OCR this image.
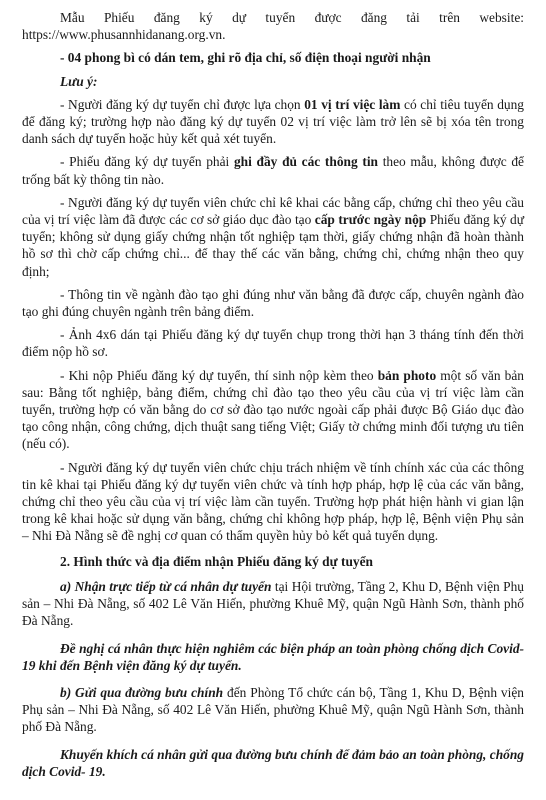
Mẫu Phiếu đăng ký dự tuyển được đăng tải trên website: https://www.phusannhidanang.org.vn.

- 04 phong bì có dán tem, ghi rõ địa chỉ, số điện thoại người nhận

Lưu ý:

- Người đăng ký dự tuyển chỉ được lựa chọn 01 vị trí việc làm có chỉ tiêu tuyển dụng để đăng ký; trường hợp nào đăng ký dự tuyển 02 vị trí việc làm trở lên sẽ bị xóa tên trong danh sách dự tuyển hoặc hủy kết quả xét tuyển.

- Phiếu đăng ký dự tuyển phải ghi đầy đủ các thông tin theo mẫu, không được để trống bất kỳ thông tin nào.

- Người đăng ký dự tuyển viên chức chỉ kê khai các bằng cấp, chứng chỉ theo yêu cầu của vị trí việc làm đã được các cơ sở giáo dục đào tạo cấp trước ngày nộp Phiếu đăng ký dự tuyển; không sử dụng giấy chứng nhận tốt nghiệp tạm thời, giấy chứng nhận đã hoàn thành hồ sơ thì chờ cấp chứng chỉ... để thay thế các văn bằng, chứng chỉ, chứng nhận theo quy định;

- Thông tin về ngành đào tạo ghi đúng như văn bằng đã được cấp, chuyên ngành đào tạo ghi đúng chuyên ngành trên bảng điểm.

- Ảnh 4x6 dán tại Phiếu đăng ký dự tuyển chụp trong thời hạn 3 tháng tính đến thời điểm nộp hồ sơ.

- Khi nộp Phiếu đăng ký dự tuyển, thí sinh nộp kèm theo bản photo một số văn bản sau: Bằng tốt nghiệp, bảng điểm, chứng chỉ đào tạo theo yêu cầu của vị trí việc làm cần tuyển, trường hợp có văn bằng do cơ sở đào tạo nước ngoài cấp phải được Bộ Giáo dục đào tạo công nhận, công chứng, dịch thuật sang tiếng Việt; Giấy tờ chứng minh đối tượng ưu tiên (nếu có).

- Người đăng ký dự tuyển viên chức chịu trách nhiệm về tính chính xác của các thông tin kê khai tại Phiếu đăng ký dự tuyển viên chức và tính hợp pháp, hợp lệ của các văn bằng, chứng chỉ theo yêu cầu của vị trí việc làm cần tuyển. Trường hợp phát hiện hành vi gian lận trong kê khai hoặc sử dụng văn bằng, chứng chỉ không hợp pháp, hợp lệ, Bệnh viện Phụ sản – Nhi Đà Nẵng sẽ đề nghị cơ quan có thẩm quyền hủy bỏ kết quả tuyển dụng.

2. Hình thức và địa điểm nhận Phiếu đăng ký dự tuyển

a) Nhận trực tiếp từ cá nhân dự tuyển tại Hội trường, Tầng 2, Khu D, Bệnh viện Phụ sản – Nhi Đà Nẵng, số 402 Lê Văn Hiến, phường Khuê Mỹ, quận Ngũ Hành Sơn, thành phố Đà Nẵng.

Đề nghị cá nhân thực hiện nghiêm các biện pháp an toàn phòng chống dịch Covid-19 khi đến Bệnh viện đăng ký dự tuyển.

b) Gửi qua đường bưu chính đến Phòng Tổ chức cán bộ, Tầng 1, Khu D, Bệnh viện Phụ sản – Nhi Đà Nẵng, số 402 Lê Văn Hiến, phường Khuê Mỹ, quận Ngũ Hành Sơn, thành phố Đà Nẵng.

Khuyến khích cá nhân gửi qua đường bưu chính để đảm bảo an toàn phòng, chống dịch Covid- 19.
